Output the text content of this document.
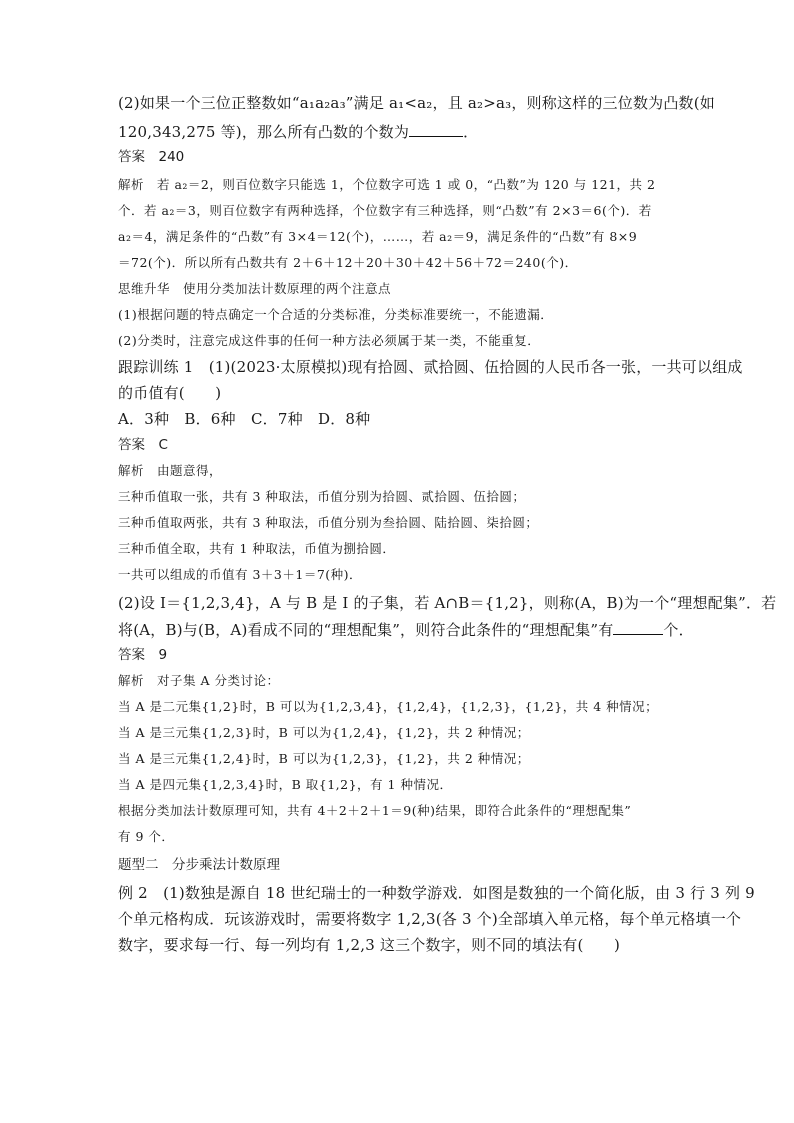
(2)如果一个三位正整数如“a₁a₂a₃”满足 a₁<a₂，且 a₂>a₃，则称这样的三位数为凸数(如
120,343,275 等)，那么所有凸数的个数为	．
答案　240
解析　若 a₂＝2，则百位数字只能选 1，个位数字可选 1 或 0，“凸数”为 120 与 121，共 2
个．若 a₂＝3，则百位数字有两种选择，个位数字有三种选择，则“凸数”有 2×3＝6(个)．若
a₂＝4，满足条件的“凸数”有 3×4＝12(个)，……，若 a₂＝9，满足条件的“凸数”有 8×9
＝72(个)．所以所有凸数共有 2＋6＋12＋20＋30＋42＋56＋72＝240(个)．
思维升华　使用分类加法计数原理的两个注意点
(1)根据问题的特点确定一个合适的分类标准，分类标准要统一，不能遗漏．
(2)分类时，注意完成这件事的任何一种方法必须属于某一类，不能重复．
跟踪训练 1　(1)(2023·太原模拟)现有拾圆、贰拾圆、伍拾圆的人民币各一张，一共可以组成
的币值有(　　)
A．3种　B．6种　C．7种　D．8种
答案　C
解析　由题意得，
三种币值取一张，共有 3 种取法，币值分别为拾圆、贰拾圆、伍拾圆；
三种币值取两张，共有 3 种取法，币值分别为叁拾圆、陆拾圆、柒拾圆；
三种币值全取，共有 1 种取法，币值为捌拾圆．
一共可以组成的币值有 3＋3＋1＝7(种)．
(2)设 I＝{1,2,3,4}，A 与 B 是 I 的子集，若 A∩B＝{1,2}，则称(A，B)为一个“理想配集”．若
将(A，B)与(B，A)看成不同的“理想配集”，则符合此条件的“理想配集”有	个．
答案　9
解析　对子集 A 分类讨论：
当 A 是二元集{1,2}时，B 可以为{1,2,3,4}，{1,2,4}，{1,2,3}，{1,2}，共 4 种情况；
当 A 是三元集{1,2,3}时，B 可以为{1,2,4}，{1,2}，共 2 种情况；
当 A 是三元集{1,2,4}时，B 可以为{1,2,3}，{1,2}，共 2 种情况；
当 A 是四元集{1,2,3,4}时，B 取{1,2}，有 1 种情况．
根据分类加法计数原理可知，共有 4＋2＋2＋1＝9(种)结果，即符合此条件的“理想配集”
有 9 个．
题型二　分步乘法计数原理
例 2　(1)数独是源自 18 世纪瑞士的一种数学游戏．如图是数独的一个简化版，由 3 行 3 列 9
个单元格构成．玩该游戏时，需要将数字 1,2,3(各 3 个)全部填入单元格，每个单元格填一个
数字，要求每一行、每一列均有 1,2,3 这三个数字，则不同的填法有(　　)
